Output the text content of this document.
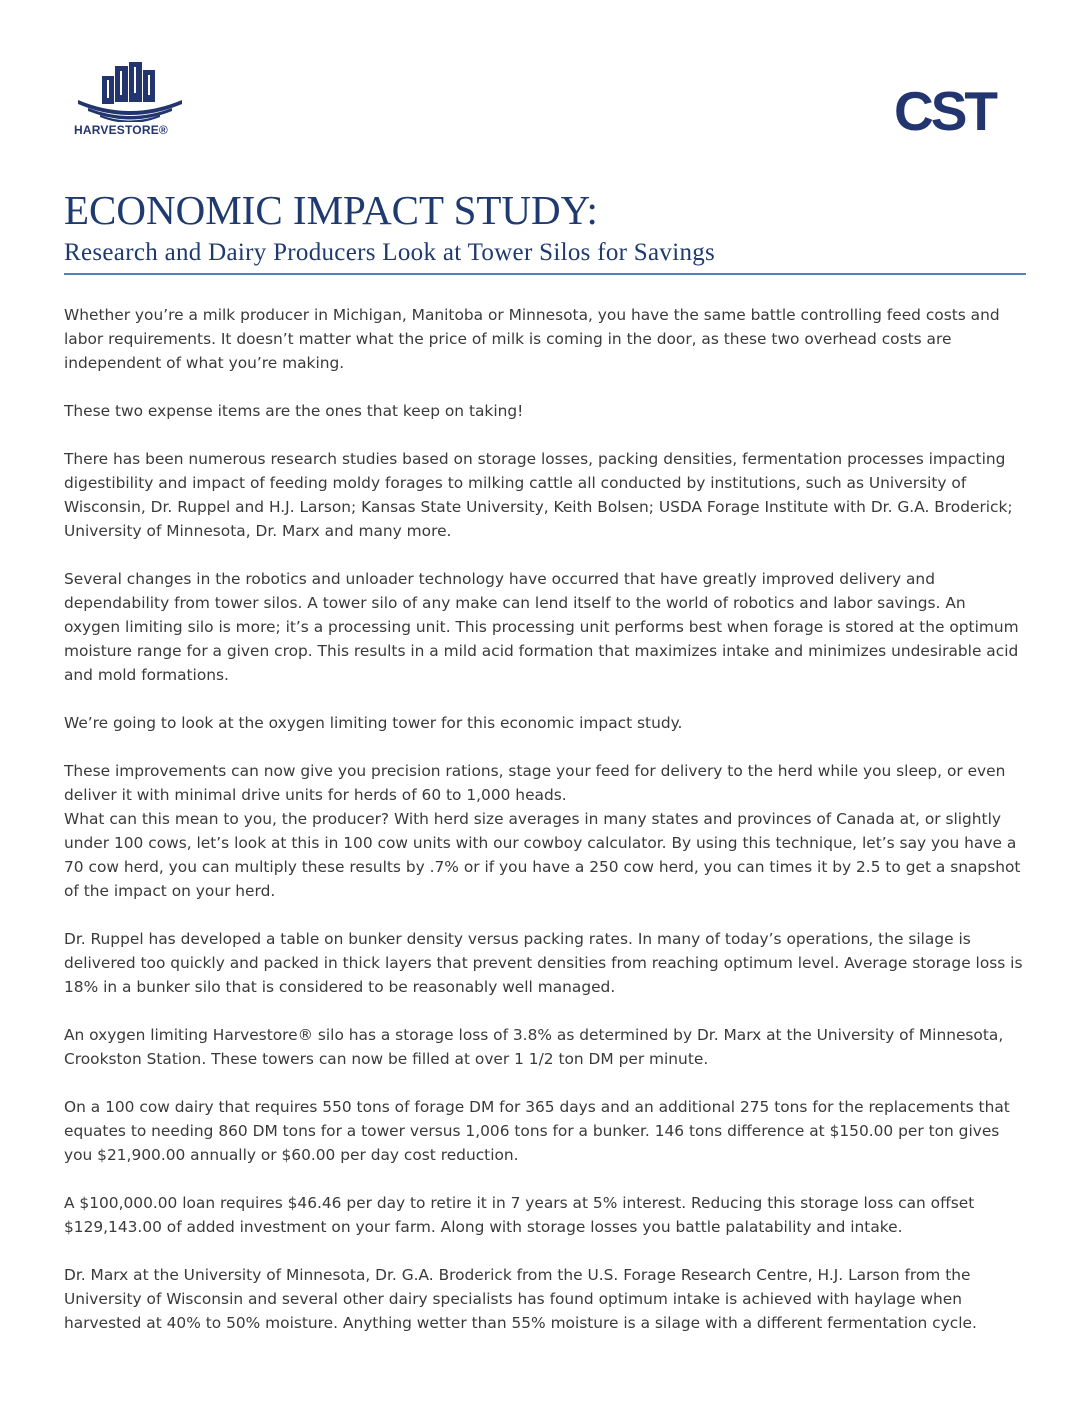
HARVESTORE®	CST
ECONOMIC IMPACT STUDY:
Research and Dairy Producers Look at Tower Silos for Savings

Whether you’re a milk producer in Michigan, Manitoba or Minnesota, you have the same battle controlling feed costs and labor requirements. It doesn’t matter what the price of milk is coming in the door, as these two overhead costs are independent of what you’re making.

These two expense items are the ones that keep on taking!

There has been numerous research studies based on storage losses, packing densities, fermentation processes impacting digestibility and impact of feeding moldy forages to milking cattle all conducted by institutions, such as University of Wisconsin, Dr. Ruppel and H.J. Larson; Kansas State University, Keith Bolsen; USDA Forage Institute with Dr. G.A. Broderick; University of Minnesota, Dr. Marx and many more.

Several changes in the robotics and unloader technology have occurred that have greatly improved delivery and dependability from tower silos. A tower silo of any make can lend itself to the world of robotics and labor savings. An oxygen limiting silo is more; it’s a processing unit. This processing unit performs best when forage is stored at the optimum moisture range for a given crop. This results in a mild acid formation that maximizes intake and minimizes undesirable acid and mold formations.

We’re going to look at the oxygen limiting tower for this economic impact study.

These improvements can now give you precision rations, stage your feed for delivery to the herd while you sleep, or even deliver it with minimal drive units for herds of 60 to 1,000 heads.

What can this mean to you, the producer? With herd size averages in many states and provinces of Canada at, or slightly under 100 cows, let’s look at this in 100 cow units with our cowboy calculator. By using this technique, let’s say you have a 70 cow herd, you can multiply these results by .7% or if you have a 250 cow herd, you can times it by 2.5 to get a snapshot of the impact on your herd.

Dr. Ruppel has developed a table on bunker density versus packing rates. In many of today’s operations, the silage is delivered too quickly and packed in thick layers that prevent densities from reaching optimum level. Average storage loss is 18% in a bunker silo that is considered to be reasonably well managed.

An oxygen limiting Harvestore® silo has a storage loss of 3.8% as determined by Dr. Marx at the University of Minnesota, Crookston Station. These towers can now be filled at over 1 1/2 ton DM per minute.

On a 100 cow dairy that requires 550 tons of forage DM for 365 days and an additional 275 tons for the replacements that equates to needing 860 DM tons for a tower versus 1,006 tons for a bunker. 146 tons difference at $150.00 per ton gives you $21,900.00 annually or $60.00 per day cost reduction.

A $100,000.00 loan requires $46.46 per day to retire it in 7 years at 5% interest. Reducing this storage loss can offset $129,143.00 of added investment on your farm. Along with storage losses you battle palatability and intake.

Dr. Marx at the University of Minnesota, Dr. G.A. Broderick from the U.S. Forage Research Centre, H.J. Larson from the University of Wisconsin and several other dairy specialists has found optimum intake is achieved with haylage when harvested at 40% to 50% moisture. Anything wetter than 55% moisture is a silage with a different fermentation cycle.
